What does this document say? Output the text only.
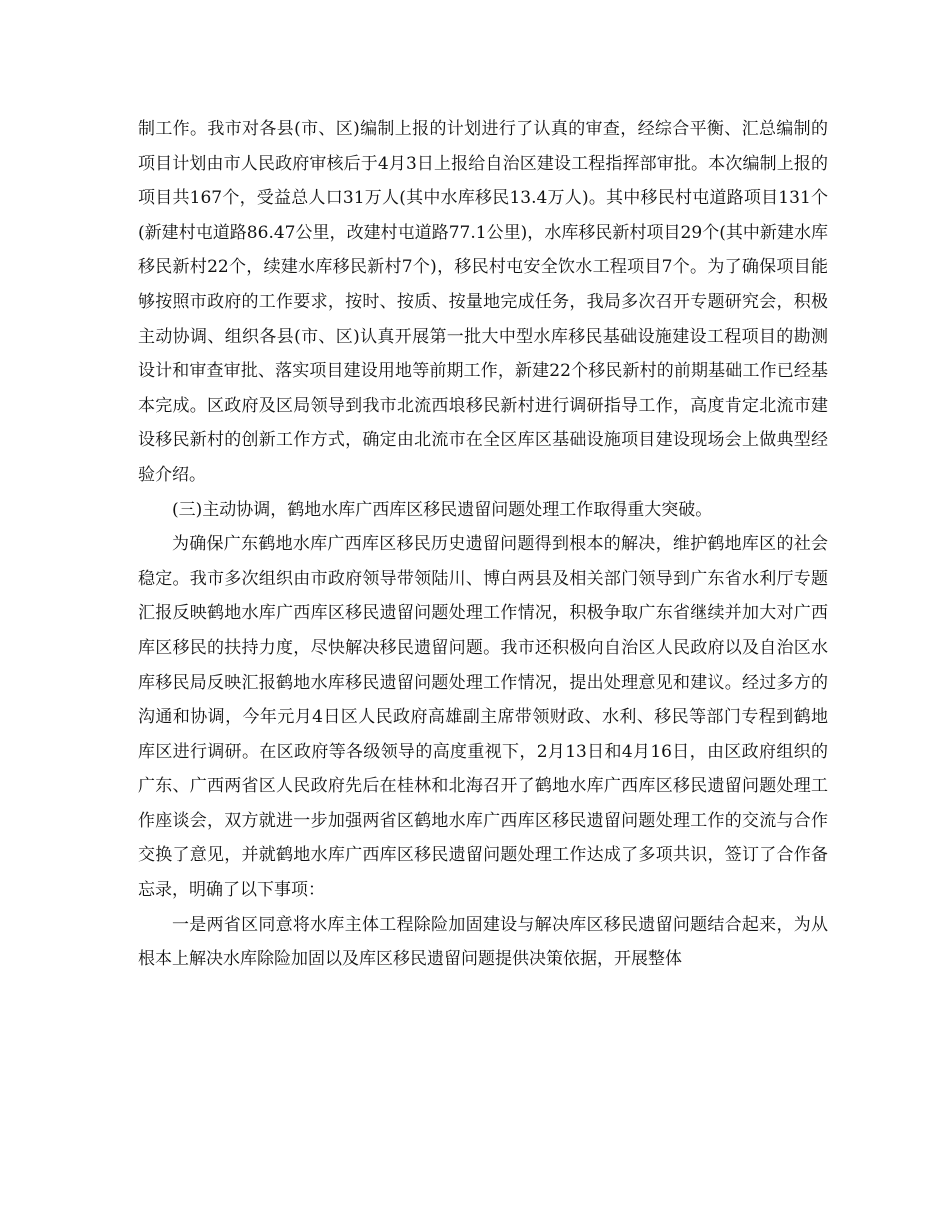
制工作。我市对各县(市、区)编制上报的计划进行了认真的审查，经综合平衡、汇总编制的项目计划由市人民政府审核后于4月3日上报给自治区建设工程指挥部审批。本次编制上报的项目共167个，受益总人口31万人(其中水库移民13.4万人)。其中移民村屯道路项目131个(新建村屯道路86.47公里，改建村屯道路77.1公里)，水库移民新村项目29个(其中新建水库移民新村22个，续建水库移民新村7个)，移民村屯安全饮水工程项目7个。为了确保项目能够按照市政府的工作要求，按时、按质、按量地完成任务，我局多次召开专题研究会，积极主动协调、组织各县(市、区)认真开展第一批大中型水库移民基础设施建设工程项目的勘测设计和审查审批、落实项目建设用地等前期工作，新建22个移民新村的前期基础工作已经基本完成。区政府及区局领导到我市北流西埌移民新村进行调研指导工作，高度肯定北流市建设移民新村的创新工作方式，确定由北流市在全区库区基础设施项目建设现场会上做典型经验介绍。

(三)主动协调，鹤地水库广西库区移民遗留问题处理工作取得重大突破。

为确保广东鹤地水库广西库区移民历史遗留问题得到根本的解决，维护鹤地库区的社会稳定。我市多次组织由市政府领导带领陆川、博白两县及相关部门领导到广东省水利厅专题汇报反映鹤地水库广西库区移民遗留问题处理工作情况，积极争取广东省继续并加大对广西库区移民的扶持力度，尽快解决移民遗留问题。我市还积极向自治区人民政府以及自治区水库移民局反映汇报鹤地水库移民遗留问题处理工作情况，提出处理意见和建议。经过多方的沟通和协调，今年元月4日区人民政府高雄副主席带领财政、水利、移民等部门专程到鹤地库区进行调研。在区政府等各级领导的高度重视下，2月13日和4月16日，由区政府组织的广东、广西两省区人民政府先后在桂林和北海召开了鹤地水库广西库区移民遗留问题处理工作座谈会，双方就进一步加强两省区鹤地水库广西库区移民遗留问题处理工作的交流与合作交换了意见，并就鹤地水库广西库区移民遗留问题处理工作达成了多项共识，签订了合作备忘录，明确了以下事项：

一是两省区同意将水库主体工程除险加固建设与解决库区移民遗留问题结合起来，为从根本上解决水库除险加固以及库区移民遗留问题提供决策依据，开展整体
